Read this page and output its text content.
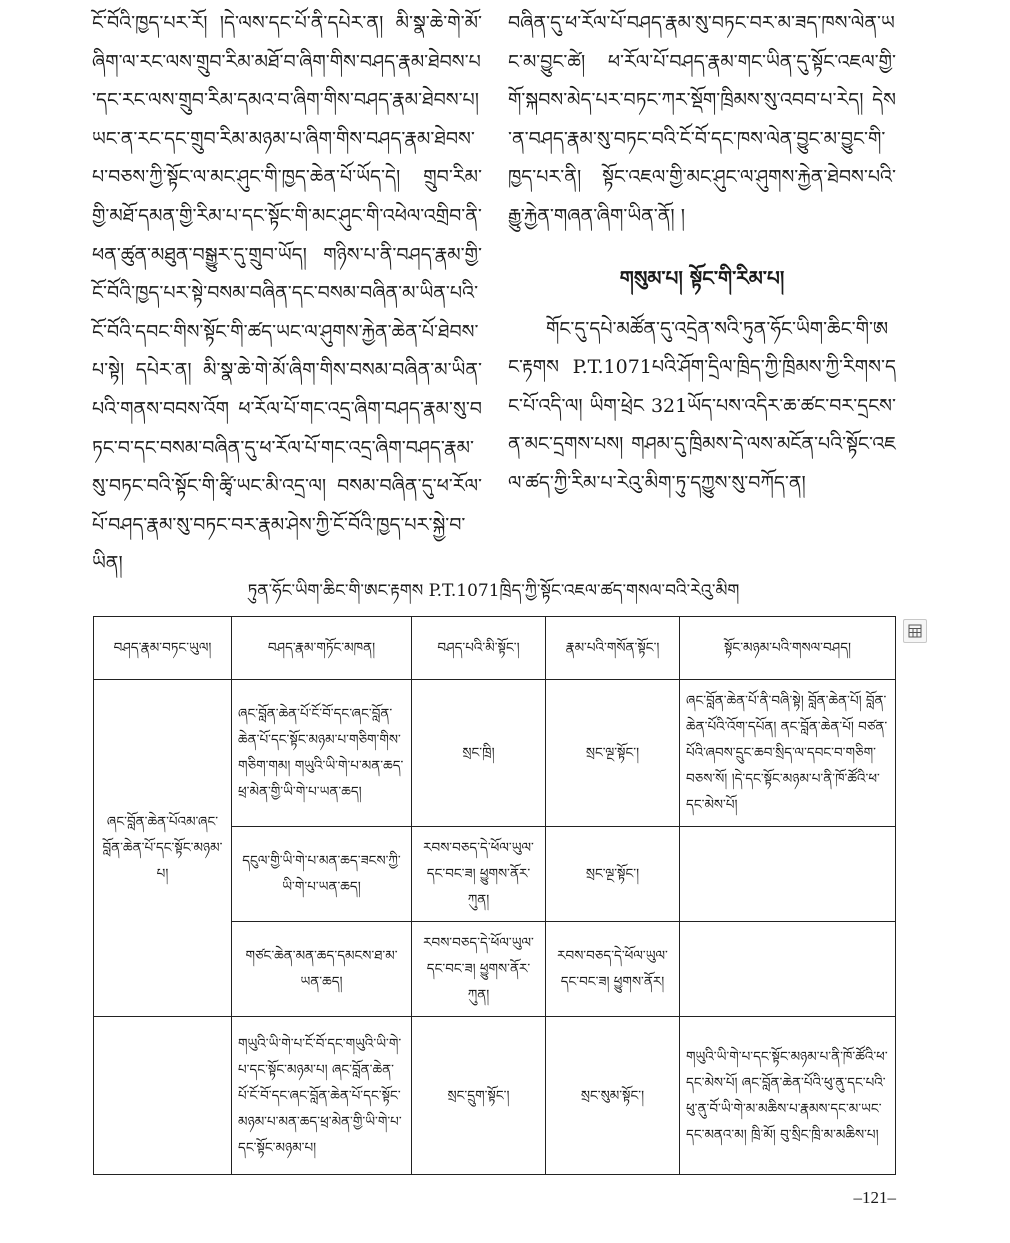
ངོ་བོའི་ཁྱད་པར་རོ། །དེ་ལས་དང་པོ་ནི་དཔེར་ན། མི་སྣ་ཆེ་གེ་མོ་ཞིག་ལ་རང་ལས་གྲུབ་རིམ་མཐོ་བ་ཞིག་གིས་བཤད་རྣམ་ཐེབས་པ་དང་རང་ལས་གྲུབ་རིམ་དམའ་བ་ཞིག་གིས་བཤད་རྣམ་ཐེབས་པ། ཡང་ན་རང་དང་གྲུབ་རིམ་མཉམ་པ་ཞིག་གིས་བཤད་རྣམ་ཐེབས་པ་བཅས་ཀྱི་སྟོང་ལ་མང་ཤུང་གི་ཁྱད་ཆེན་པོ་ཡོད་དེ། གྲུབ་རིམ་གྱི་མཐོ་དམན་གྱི་རིམ་པ་དང་སྟོང་གི་མང་ཤུང་གི་འཕེལ་འགྲིབ་ནི་ཕན་ཚུན་མཐུན་བསྒྱུར་དུ་གྲུབ་ཡོད། གཉིས་པ་ནི་བཤད་རྣམ་གྱི་ངོ་བོའི་ཁྱད་པར་སྟེ་བསམ་བཞིན་དང་བསམ་བཞིན་མ་ཡིན་པའི་ངོ་བོའི་དབང་གིས་སྟོང་གི་ཚད་ཡང་ལ་ཤུགས་རྐྱེན་ཆེན་པོ་ཐེབས་པ་སྟེ། དཔེར་ན། མི་སྣ་ཆེ་གེ་མོ་ཞིག་གིས་བསམ་བཞིན་མ་ཡིན་པའི་གནས་བབས་འོག ཕ་རོལ་པོ་གང་འདྲ་ཞིག་བཤད་རྣམ་སུ་བཏང་བ་དང་བསམ་བཞིན་དུ་ཕ་རོལ་པོ་གང་འདྲ་ཞིག་བཤད་རྣམ་སུ་བཏང་བའི་སྟོང་གི་ཚྭི་ཡང་མི་འདྲ་ལ། བསམ་བཞིན་དུ་ཕ་རོལ་པོ་བཤད་རྣམ་སུ་བཏང་བར་རྣམ་ཤེས་ཀྱི་ངོ་བོའི་ཁྱད་པར་སྐྱེ་བ་ཡིན།

བཞིན་དུ་ཕ་རོལ་པོ་བཤད་རྣམ་སུ་བཏང་བར་མ་ཟད་ཁས་ལེན་ཡང་མ་བྱུང་ཚེ། ཕ་རོལ་པོ་བཤད་རྣམ་གང་ཡིན་དུ་སྟོང་འཇལ་གྱི་གོ་སྐབས་མེད་པར་བཏང་ཀར་སྡོག་ཁྲིམས་སུ་འབབ་པ་རེད། དེས་ན་བཤད་རྣམ་སུ་བཏང་བའི་ངོ་བོ་དང་ཁས་ལེན་བྱུང་མ་བྱུང་གི་ཁྱད་པར་ནི། སྟོང་འཇལ་གྱི་མང་ཤུང་ལ་ཤུགས་རྐྱེན་ཐེབས་པའི་རྒྱུ་རྐྱེན་གཞན་ཞིག་ཡིན་ནོ། །

གསུམ་པ། སྟོང་གི་རིམ་པ།

གོང་དུ་དཔེ་མཚོན་དུ་འདྲེན་སའི་ཏུན་ཧོང་ཡིག་ཆིང་གི་ཨང་རྟགས P.T.1071པའི་ཤོག་དྲིལ་ཁྲིད་ཀྱི་ཁྲིམས་ཀྱི་རིགས་དང་པོ་འདི་ལ། ཡིག་ཕྲེང 321ཡོད་པས་འདིར་ཆ་ཚང་བར་དྲངས་ན་མང་དྲགས་པས། གཤམ་དུ་ཁྲིམས་དེ་ལས་མངོན་པའི་སྟོང་འཇལ་ཚད་ཀྱི་རིམ་པ་རེའུ་མིག་ཏུ་དཀྱུས་སུ་བཀོད་ན།

ཏུན་ཧོང་ཡིག་ཆིང་གི་ཨང་རྟགས P.T.1071ཁྲིད་ཀྱི་སྟོང་འཇལ་ཚད་གསལ་བའི་རེའུ་མིག
བཤད་རྣམ་བཏང་ཡུལ།	བཤད་རྣམ་གཏོང་མཁན།	བཤད་པའི་མི་སྟོང་།	རྣམ་པའི་གསོན་སྟོང་།	སྟོང་མཉམ་པའི་གསལ་བཤད།
ཞང་བློན་ཆེན་པོའམ་ཞང་བློན་ཆེན་པོ་དང་སྟོང་མཉམ་པ།	ཞང་བློན་ཆེན་པོ་ངོ་བོ་དང་ཞང་བློན་ཆེན་པོ་དང་སྟོང་མཉམ་པ་གཅིག་གིས་གཅིག་གམ། གཡུའི་ཡི་གེ་པ་མན་ཆད་ཕྲ་མེན་གྱི་ཡི་གེ་པ་ཡན་ཆད།	སྲང་ཁྲི།	སྲང་ལྔ་སྟོང་།	ཞང་བློན་ཆེན་པོ་ནི་བཞི་སྟེ། བློན་ཆེན་པོ། བློན་ཆེན་པོའི་འོག་དཔོན། ནང་བློན་ཆེན་པོ། བཙན་པོའི་ཞབས་དྲུང་ཆབ་སྲིད་ལ་དབང་བ་གཅིག་བཅས་སོ། །དེ་དང་སྟོང་མཉམ་པ་ནི་ཁོ་ཚོའི་ཕ་དང་མེས་པོ།
	དངུལ་གྱི་ཡི་གེ་པ་མན་ཆད་ཟངས་ཀྱི་ཡི་གེ་པ་ཡན་ཆད།	རབས་བཅད་དེ་ཕོལ་ཡུལ་དང་བང་ཟ། ཕྱུགས་ནོར་ཀུན།	སྲང་ལྔ་སྟོང་།	
	གཙང་ཆེན་མན་ཆད་དམངས་ཐ་མ་ཡན་ཆད།	རབས་བཅད་དེ་ཕོལ་ཡུལ་དང་བང་ཟ། ཕྱུགས་ནོར་ཀུན།	རབས་བཅད་དེ་ཕོལ་ཡུལ་དང་བང་ཟ། ཕྱུགས་ནོར།	
	གཡུའི་ཡི་གེ་པ་ངོ་བོ་དང་གཡུའི་ཡི་གེ་པ་དང་སྟོང་མཉམ་པ། ཞང་བློན་ཆེན་པོ་ངོ་བོ་དང་ཞང་བློན་ཆེན་པོ་དང་སྟོང་མཉམ་པ་མན་ཆད་ཕྲ་མེན་གྱི་ཡི་གེ་པ་དང་སྟོང་མཉམ་པ།	སྲང་དྲུག་སྟོང་།	སྲང་སུམ་སྟོང་།	གཡུའི་ཡི་གེ་པ་དང་སྟོང་མཉམ་པ་ནི་ཁོ་ཚོའི་ཕ་དང་མེས་པོ། ཞང་བློན་ཆེན་པོའི་ཕུ་ནུ་དང་པའི་ཕུ་ནུ་བོ་ཡི་གེ་མ་མཆིས་པ་རྣམས་དང་མ་ཡང་དང་མནའ་མ། ཁྲི་མོ། བུ་སྲིང་ཁྲི་མ་མཆིས་པ།
–121–
